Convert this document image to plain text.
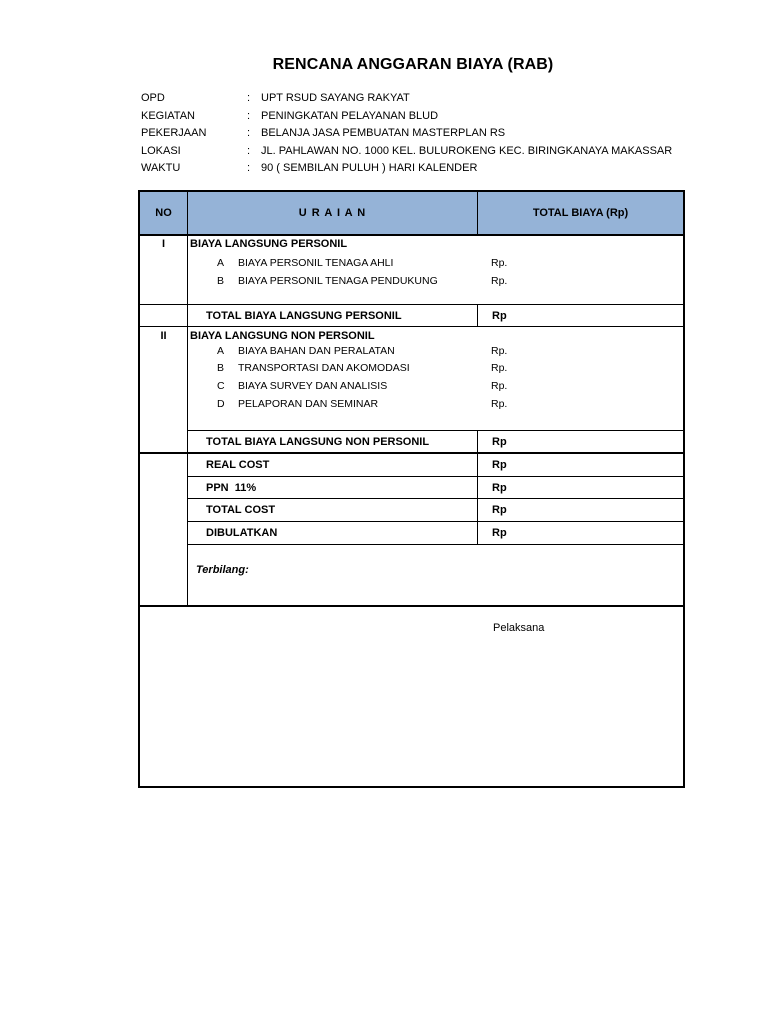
RENCANA ANGGARAN BIAYA (RAB)
OPD	: UPT RSUD SAYANG RAKYAT
KEGIATAN	: PENINGKATAN PELAYANAN BLUD
PEKERJAAN	: BELANJA JASA PEMBUATAN MASTERPLAN RS
LOKASI	: JL. PAHLAWAN NO. 1000 KEL. BULUROKENG KEC. BIRINGKANAYA MAKASSAR
WAKTU	: 90 ( SEMBILAN PULUH ) HARI KALENDER
NO	U R A I A N	TOTAL BIAYA (Rp)
I	BIAYA LANGSUNG PERSONIL
A BIAYA PERSONIL TENAGA AHLI	Rp.
B BIAYA PERSONIL TENAGA PENDUKUNG	Rp.
TOTAL BIAYA LANGSUNG PERSONIL	Rp
II	BIAYA LANGSUNG NON PERSONIL
A BIAYA BAHAN DAN PERALATAN	Rp.
B TRANSPORTASI DAN AKOMODASI	Rp.
C BIAYA SURVEY DAN ANALISIS	Rp.
D PELAPORAN DAN SEMINAR	Rp.
TOTAL BIAYA LANGSUNG NON PERSONIL	Rp
REAL COST	Rp
PPN  11%	Rp
TOTAL COST	Rp
DIBULATKAN	Rp
Terbilang:
Pelaksana
